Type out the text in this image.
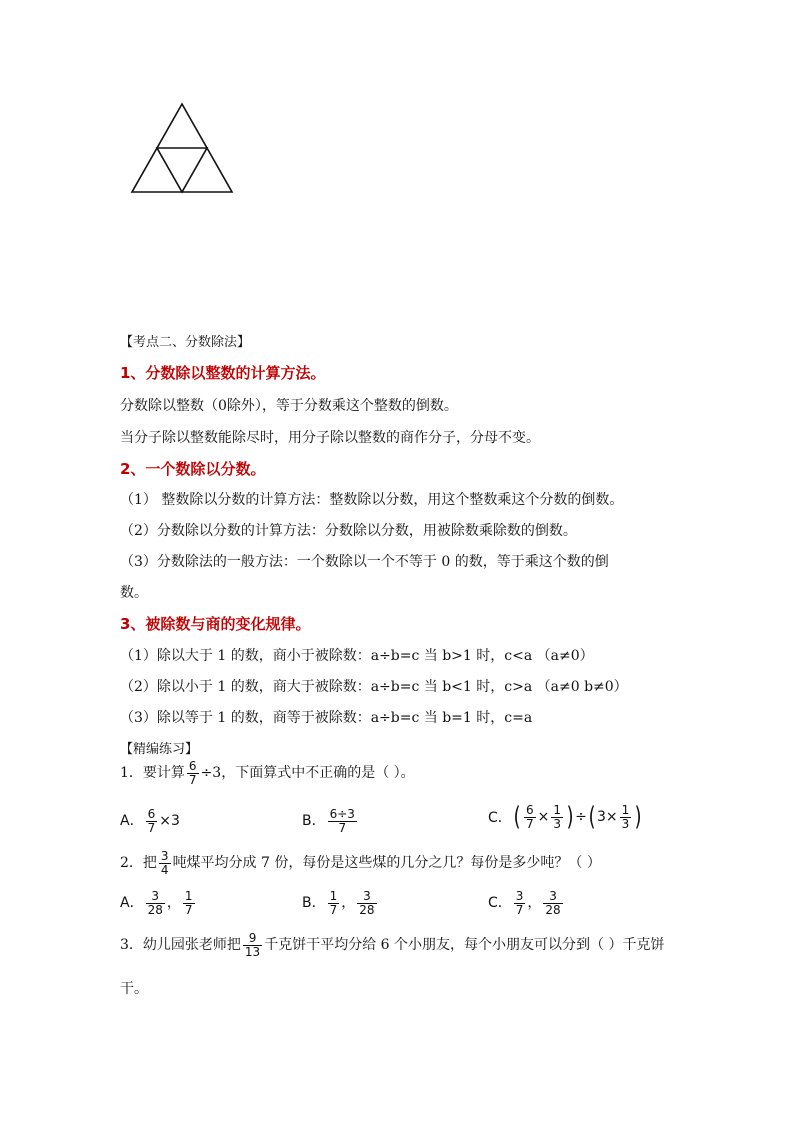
【考点二、分数除法】
1、分数除以整数的计算方法。
分数除以整数（0除外），等于分数乘这个整数的倒数。
当分子除以整数能除尽时，用分子除以整数的商作分子，分母不变。
2、一个数除以分数。
（1） 整数除以分数的计算方法：整数除以分数，用这个整数乘这个分数的倒数。
（2）分数除以分数的计算方法：分数除以分数，用被除数乘除数的倒数。
（3）分数除法的一般方法：一个数除以一个不等于 0 的数，等于乘这个数的倒
数。
3、被除数与商的变化规律。
（1）除以大于 1 的数，商小于被除数：a÷b=c 当 b>1 时，c<a （a≠0）
（2）除以小于 1 的数，商大于被除数：a÷b=c 当 b<1 时，c>a （a≠0 b≠0）
（3）除以等于 1 的数，商等于被除数：a÷b=c 当 b=1 时，c=a
【精编练习】
1．要计算 $\frac{6}{7} \div 3$，下面算式中不正确的是（ ）。
A． $\frac{6}{7} \times 3$	B． $\frac{6\div 3}{7}$	C．( $\frac{6}{7} \times \frac{1}{3}$ ) ÷( $3\times \frac{1}{3}$ )
2．把 $\frac{3}{4}$ 吨煤平均分成 7 份，每份是这些煤的几分之几？每份是多少吨？（ ）
A． $\frac{3}{28}$ ， $\frac{1}{7}$	B． $\frac{1}{7}$ ， $\frac{3}{28}$	C． $\frac{3}{7}$ ， $\frac{3}{28}$
3．幼儿园张老师把 $\frac{9}{13}$ 千克饼干平均分给 6 个小朋友，每个小朋友可以分到（ ）千克饼
干。
